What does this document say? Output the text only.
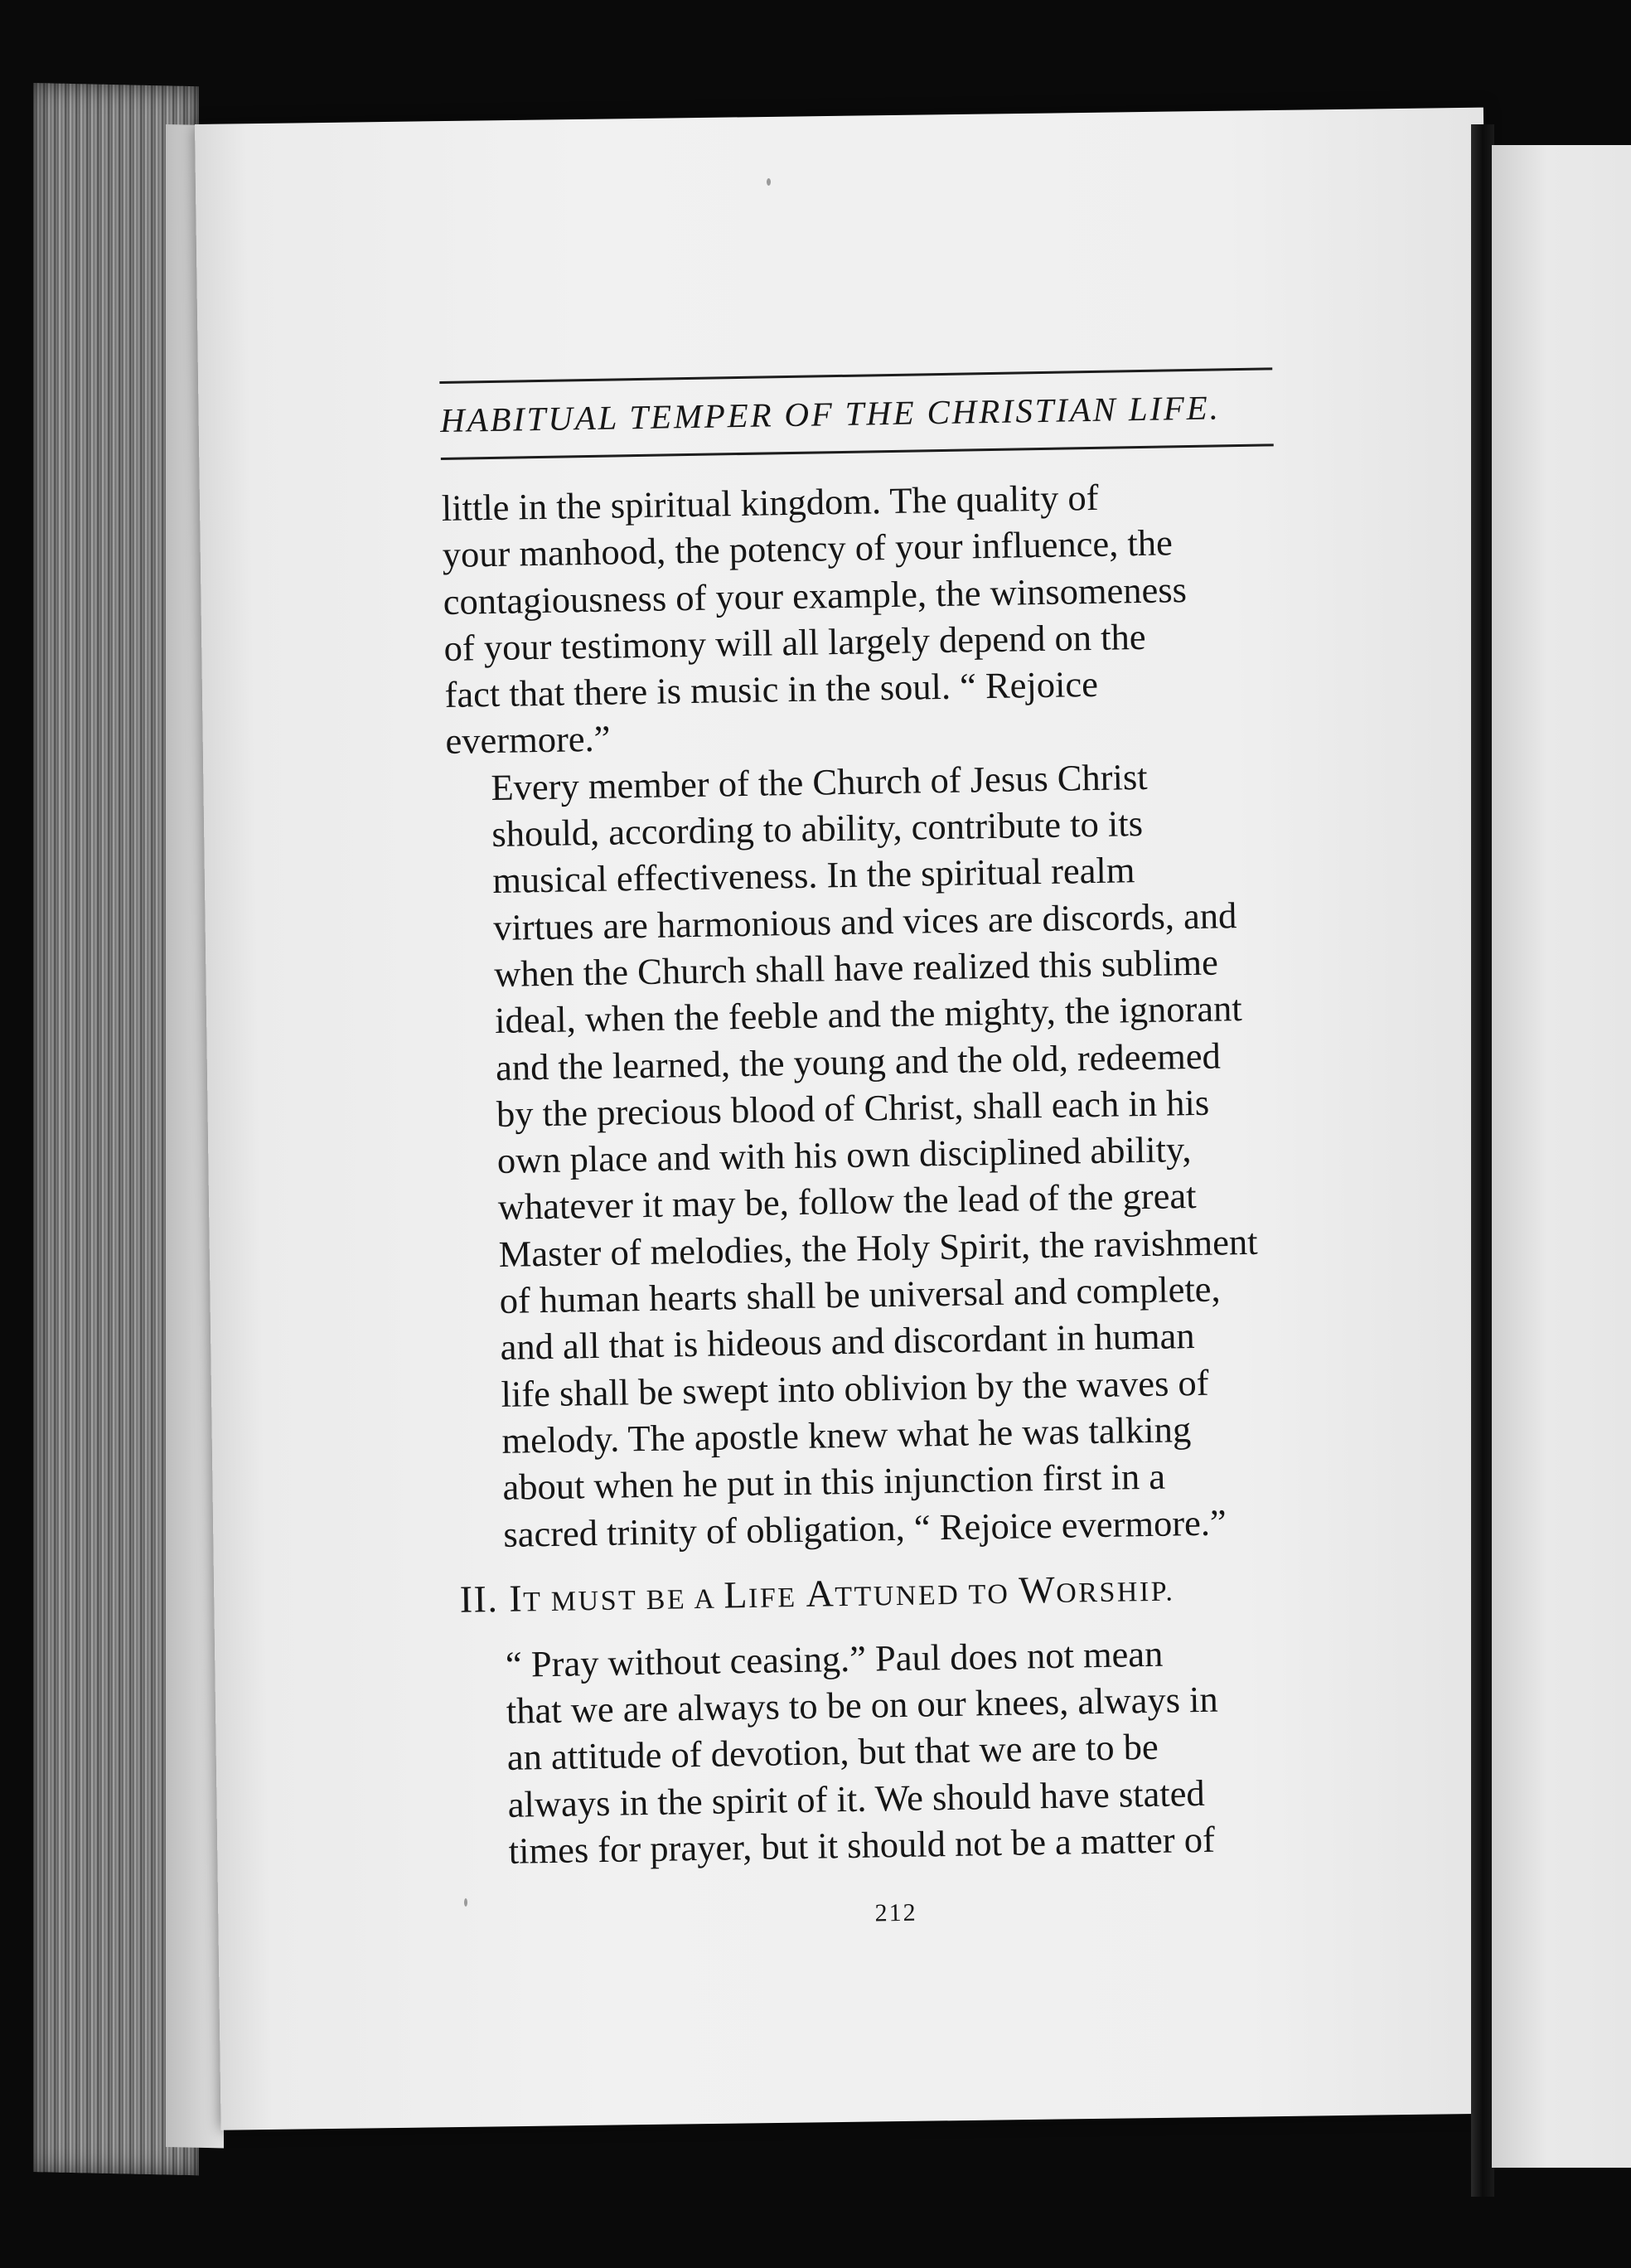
HABITUAL TEMPER OF THE CHRISTIAN LIFE.

little in the spiritual kingdom. The quality of
your manhood, the potency of your influence, the
contagiousness of your example, the winsomeness
of your testimony will all largely depend on the
fact that there is music in the soul. “ Rejoice
evermore.”

Every member of the Church of Jesus Christ
should, according to ability, contribute to its
musical effectiveness. In the spiritual realm
virtues are harmonious and vices are discords, and
when the Church shall have realized this sublime
ideal, when the feeble and the mighty, the ignorant
and the learned, the young and the old, redeemed
by the precious blood of Christ, shall each in his
own place and with his own disciplined ability,
whatever it may be, follow the lead of the great
Master of melodies, the Holy Spirit, the ravishment
of human hearts shall be universal and complete,
and all that is hideous and discordant in human
life shall be swept into oblivion by the waves of
melody. The apostle knew what he was talking
about when he put in this injunction first in a
sacred trinity of obligation, “ Rejoice evermore.”

II. IT MUST BE A LIFE ATTUNED TO WORSHIP.

“ Pray without ceasing.” Paul does not mean
that we are always to be on our knees, always in
an attitude of devotion, but that we are to be
always in the spirit of it. We should have stated
times for prayer, but it should not be a matter of

212
